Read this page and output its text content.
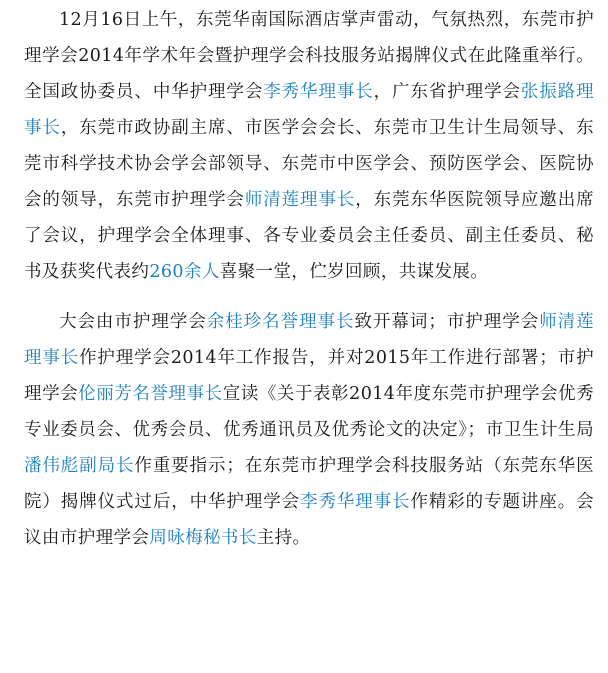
12月16日上午，东莞华南国际酒店掌声雷动，气氛热烈，东莞市护理学会2014年学术年会暨护理学会科技服务站揭牌仪式在此隆重举行。全国政协委员、中华护理学会李秀华理事长，广东省护理学会张振路理事长，东莞市政协副主席、市医学会会长、东莞市卫生计生局领导、东莞市科学技术协会学会部领导、东莞市中医学会、预防医学会、医院协会的领导，东莞市护理学会师清莲理事长，东莞东华医院领导应邀出席了会议，护理学会全体理事、各专业委员会主任委员、副主任委员、秘书及获奖代表约260余人喜聚一堂，伫岁回顾，共谋发展。

大会由市护理学会余桂珍名誉理事长致开幕词；市护理学会师清莲理事长作护理学会2014年工作报告，并对2015年工作进行部署；市护理学会伦丽芳名誉理事长宣读《关于表彰2014年度东莞市护理学会优秀专业委员会、优秀会员、优秀通讯员及优秀论文的决定》；市卫生计生局潘伟彪副局长作重要指示；在东莞市护理学会科技服务站（东莞东华医院）揭牌仪式过后，中华护理学会李秀华理事长作精彩的专题讲座。会议由市护理学会周咏梅秘书长主持。
